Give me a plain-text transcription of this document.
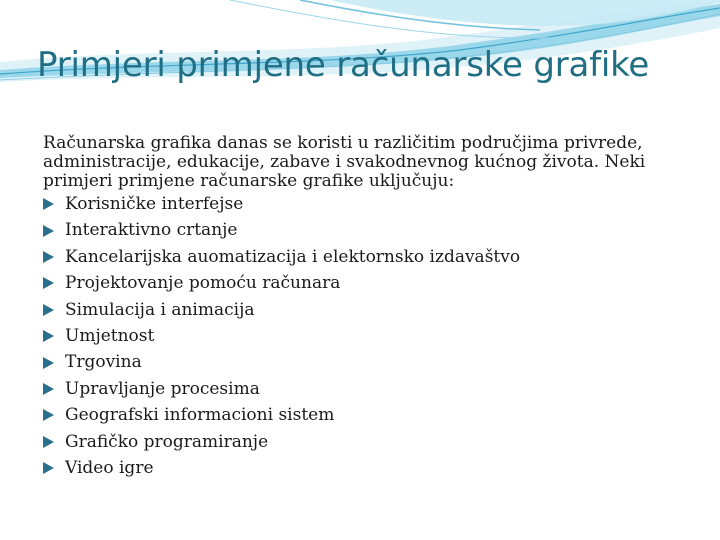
Primjeri primjene računarske grafike

Računarska grafika danas se koristi u različitim područjima privrede, administracije, edukacije, zabave i svakodnevnog kućnog života. Neki primjeri primjene računarske grafike uključuju:

Korisničke interfejse
Interaktivno crtanje
Kancelarijska auomatizacija i elektornsko izdavaštvo
Projektovanje pomoću računara
Simulacija i animacija
Umjetnost
Trgovina
Upravljanje procesima
Geografski informacioni sistem
Grafičko programiranje
Video igre
